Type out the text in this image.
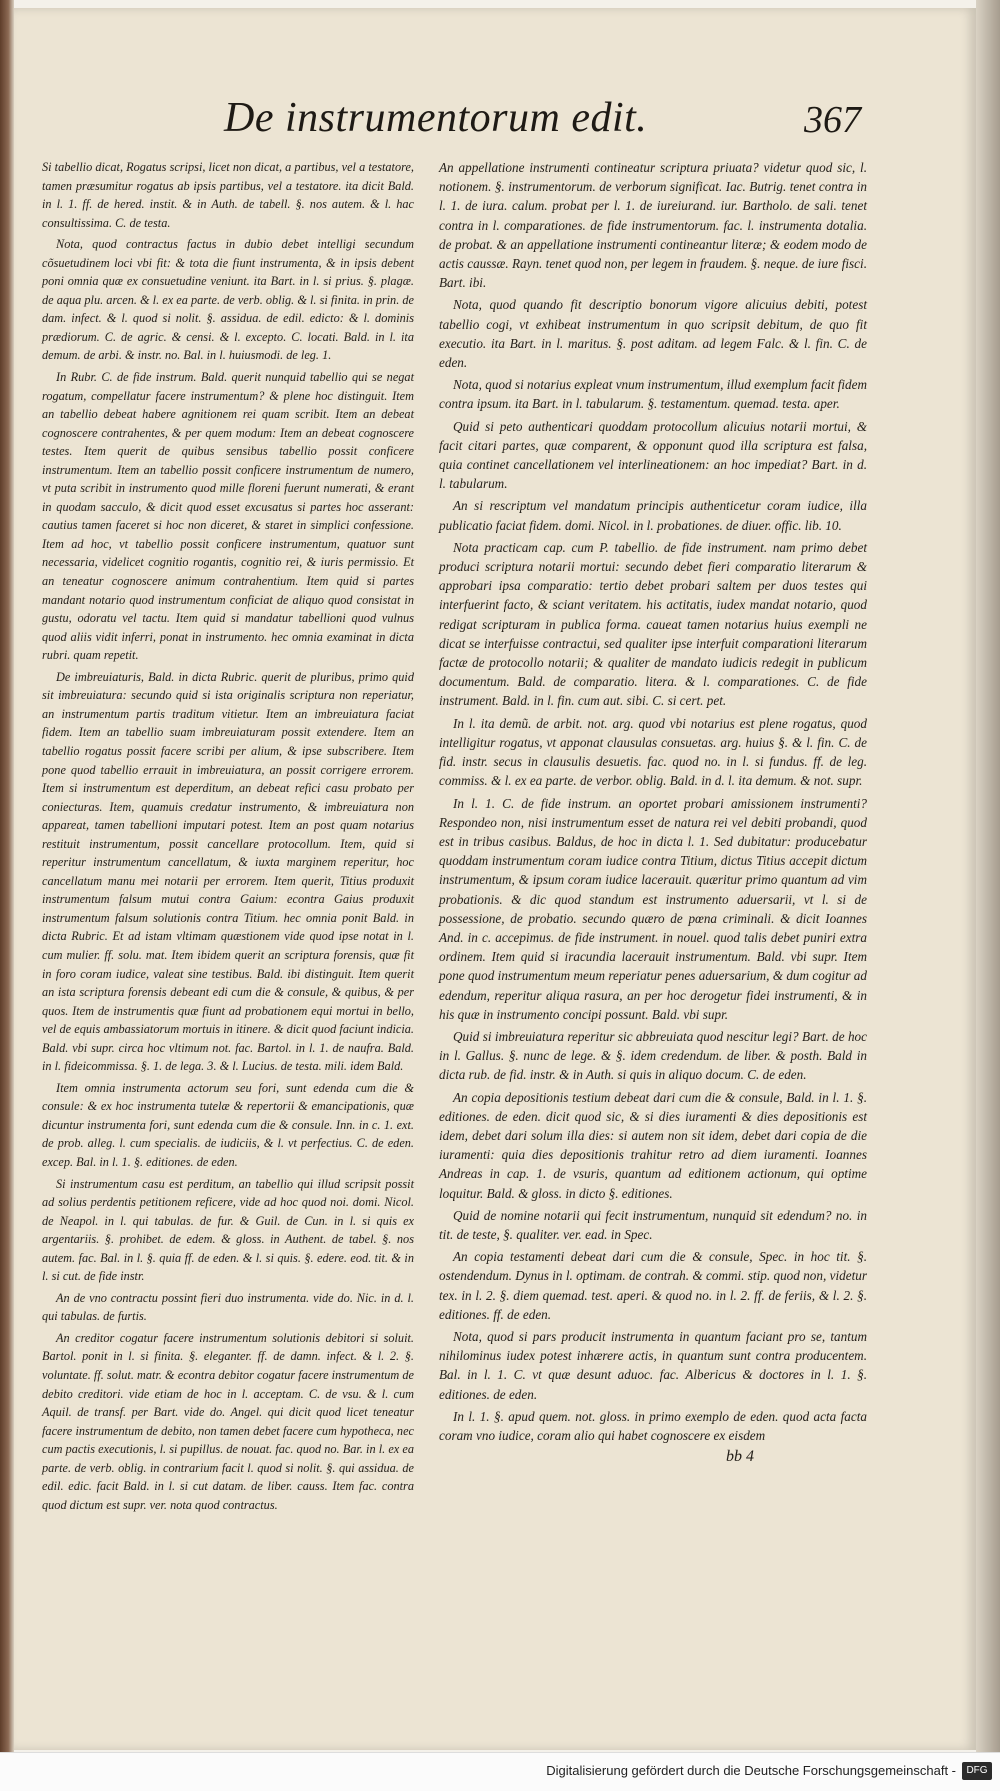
De instrumentorum edit.	367

Si tabellio dicat, Rogatus scripsi, licet non dicat, a partibus, vel a testatore, tamen præsumitur rogatus ab ipsis partibus, vel a testatore. ita dicit Bald. in l. 1. ff. de hered. instit. & in Auth. de tabell. §. nos autem. & l. hac consultissima. C. de testa.

Nota, quod contractus factus in dubio debet intelligi secundum cõsuetudinem loci vbi fit: & tota die fiunt instrumenta, & in ipsis debent poni omnia quæ ex consuetudine veniunt. ita Bart. in l. si prius. §. plagæ. de aqua plu. arcen. & l. ex ea parte. de verb. oblig. & l. si finita. in prin. de dam. infect. & l. quod si nolit. §. assidua. de edil. edicto: & l. dominis prædiorum. C. de agric. & censi. & l. excepto. C. locati. Bald. in l. ita demum. de arbi. & instr. no. Bal. in l. huiusmodi. de leg. 1.

In Rubr. C. de fide instrum. Bald. querit nunquid tabellio qui se negat rogatum, compellatur facere instrumentum? & plene hoc distinguit. Item an tabellio debeat habere agnitionem rei quam scribit. Item an debeat cognoscere contrahentes, & per quem modum: Item an debeat cognoscere testes. Item querit de quibus sensibus tabellio possit conficere instrumentum. Item an tabellio possit conficere instrumentum de numero, vt puta scribit in instrumento quod mille floreni fuerunt numerati, & erant in quodam sacculo, & dicit quod esset excusatus si partes hoc asserant: cautius tamen faceret si hoc non diceret, & staret in simplici confessione. Item ad hoc, vt tabellio possit conficere instrumentum, quatuor sunt necessaria, videlicet cognitio rogantis, cognitio rei, & iuris permissio. Et an teneatur cognoscere animum contrahentium. Item quid si partes mandant notario quod instrumentum conficiat de aliquo quod consistat in gustu, odoratu vel tactu. Item quid si mandatur tabellioni quod vulnus quod aliis vidit inferri, ponat in instrumento. hec omnia examinat in dicta rubri. quam repetit.

De imbreuiaturis, Bald. in dicta Rubric. querit de pluribus, primo quid sit imbreuiatura: secundo quid si ista originalis scriptura non reperiatur, an instrumentum partis traditum vitietur. Item an imbreuiatura faciat fidem. Item an tabellio suam imbreuiaturam possit extendere. Item an tabellio rogatus possit facere scribi per alium, & ipse subscribere. Item pone quod tabellio errauit in imbreuiatura, an possit corrigere errorem. Item si instrumentum est deperditum, an debeat refici casu probato per coniecturas. Item, quamuis credatur instrumento, & imbreuiatura non appareat, tamen tabellioni imputari potest. Item an post quam notarius restituit instrumentum, possit cancellare protocollum. Item, quid si reperitur instrumentum cancellatum, & iuxta marginem reperitur, hoc cancellatum manu mei notarii per errorem. Item querit, Titius produxit instrumentum falsum mutui contra Gaium: econtra Gaius produxit instrumentum falsum solutionis contra Titium. hec omnia ponit Bald. in dicta Rubric. Et ad istam vltimam quæstionem vide quod ipse notat in l. cum mulier. ff. solu. mat. Item ibidem querit an scriptura forensis, quæ fit in foro coram iudice, valeat sine testibus. Bald. ibi distinguit. Item querit an ista scriptura forensis debeant edi cum die & consule, & quibus, & per quos. Item de instrumentis quæ fiunt ad probationem equi mortui in bello, vel de equis ambassiatorum mortuis in itinere. & dicit quod faciunt indicia. Bald. vbi supr. circa hoc vltimum not. fac. Bartol. in l. 1. de naufra. Bald. in l. fideicommissa. §. 1. de lega. 3. & l. Lucius. de testa. mili. idem Bald.

Item omnia instrumenta actorum seu fori, sunt edenda cum die & consule: & ex hoc instrumenta tutelæ & repertorii & emancipationis, quæ dicuntur instrumenta fori, sunt edenda cum die & consule. Inn. in c. 1. ext. de prob. alleg. l. cum specialis. de iudiciis, & l. vt perfectius. C. de eden. excep. Bal. in l. 1. §. editiones. de eden.

Si instrumentum casu est perditum, an tabellio qui illud scripsit possit ad solius perdentis petitionem reficere, vide ad hoc quod noi. domi. Nicol. de Neapol. in l. qui tabulas. de fur. & Guil. de Cun. in l. si quis ex argentariis. §. prohibet. de edem. & gloss. in Authent. de tabel. §. nos autem. fac. Bal. in l. §. quia ff. de eden. & l. si quis. §. edere. eod. tit. & in l. si cut. de fide instr.

An de vno contractu possint fieri duo instrumenta. vide do. Nic. in d. l. qui tabulas. de furtis.

An creditor cogatur facere instrumentum solutionis debitori si soluit. Bartol. ponit in l. si finita. §. eleganter. ff. de damn. infect. & l. 2. §. voluntate. ff. solut. matr. & econtra debitor cogatur facere instrumentum de debito creditori. vide etiam de hoc in l. acceptam. C. de vsu. & l. cum Aquil. de transf. per Bart. vide do. Angel. qui dicit quod licet teneatur facere instrumentum de debito, non tamen debet facere cum hypotheca, nec cum pactis executionis, l. si pupillus. de nouat. fac. quod no. Bar. in l. ex ea parte. de verb. oblig. in contrarium facit l. quod si nolit. §. qui assidua. de edil. edic. facit Bald. in l. si cut datam. de liber. causs. Item fac. contra quod dictum est supr. ver. nota quod contractus.

An appellatione instrumenti contineatur scriptura priuata? videtur quod sic, l. notionem. §. instrumentorum. de verborum significat. Iac. Butrig. tenet contra in l. 1. de iura. calum. probat per l. 1. de iureiurand. iur. Bartholo. de sali. tenet contra in l. comparationes. de fide instrumentorum. fac. l. instrumenta dotalia. de probat. & an appellatione instrumenti contineantur literæ; & eodem modo de actis caussæ. Rayn. tenet quod non, per legem in fraudem. §. neque. de iure fisci. Bart. ibi.

Nota, quod quando fit descriptio bonorum vigore alicuius debiti, potest tabellio cogi, vt exhibeat instrumentum in quo scripsit debitum, de quo fit executio. ita Bart. in l. maritus. §. post aditam. ad legem Falc. & l. fin. C. de eden.

Nota, quod si notarius expleat vnum instrumentum, illud exemplum facit fidem contra ipsum. ita Bart. in l. tabularum. §. testamentum. quemad. testa. aper.

Quid si peto authenticari quoddam protocollum alicuius notarii mortui, & facit citari partes, quæ comparent, & opponunt quod illa scriptura est falsa, quia continet cancellationem vel interlineationem: an hoc impediat? Bart. in d. l. tabularum.

An si rescriptum vel mandatum principis authenticetur coram iudice, illa publicatio faciat fidem. domi. Nicol. in l. probationes. de diuer. offic. lib. 10.

Nota practicam cap. cum P. tabellio. de fide instrument. nam primo debet produci scriptura notarii mortui: secundo debet fieri comparatio literarum & approbari ipsa comparatio: tertio debet probari saltem per duos testes qui interfuerint facto, & sciant veritatem. his actitatis, iudex mandat notario, quod redigat scripturam in publica forma. caueat tamen notarius huius exempli ne dicat se interfuisse contractui, sed qualiter ipse interfuit comparationi literarum factæ de protocollo notarii; & qualiter de mandato iudicis redegit in publicum documentum. Bald. de comparatio. litera. & l. comparationes. C. de fide instrument. Bald. in l. fin. cum aut. sibi. C. si cert. pet.

In l. ita demũ. de arbit. not. arg. quod vbi notarius est plene rogatus, quod intelligitur rogatus, vt apponat clausulas consuetas. arg. huius §. & l. fin. C. de fid. instr. secus in clausulis desuetis. fac. quod no. in l. si fundus. ff. de leg. commiss. & l. ex ea parte. de verbor. oblig. Bald. in d. l. ita demum. & not. supr.

In l. 1. C. de fide instrum. an oportet probari amissionem instrumenti? Respondeo non, nisi instrumentum esset de natura rei vel debiti probandi, quod est in tribus casibus. Baldus, de hoc in dicta l. 1. Sed dubitatur: producebatur quoddam instrumentum coram iudice contra Titium, dictus Titius accepit dictum instrumentum, & ipsum coram iudice lacerauit. quæritur primo quantum ad vim probationis. & dic quod standum est instrumento aduersarii, vt l. si de possessione, de probatio. secundo quæro de pœna criminali. & dicit Ioannes And. in c. accepimus. de fide instrument. in nouel. quod talis debet puniri extra ordinem. Item quid si iracundia lacerauit instrumentum. Bald. vbi supr. Item pone quod instrumentum meum reperiatur penes aduersarium, & dum cogitur ad edendum, reperitur aliqua rasura, an per hoc derogetur fidei instrumenti, & in his quæ in instrumento concipi possunt. Bald. vbi supr.

Quid si imbreuiatura reperitur sic abbreuiata quod nescitur legi? Bart. de hoc in l. Gallus. §. nunc de lege. & §. idem credendum. de liber. & posth. Bald in dicta rub. de fid. instr. & in Auth. si quis in aliquo docum. C. de eden.

An copia depositionis testium debeat dari cum die & consule, Bald. in l. 1. §. editiones. de eden. dicit quod sic, & si dies iuramenti & dies depositionis est idem, debet dari solum illa dies: si autem non sit idem, debet dari copia de die iuramenti: quia dies depositionis trahitur retro ad diem iuramenti. Ioannes Andreas in cap. 1. de vsuris, quantum ad editionem actionum, qui optime loquitur. Bald. & gloss. in dicto §. editiones.

Quid de nomine notarii qui fecit instrumentum, nunquid sit edendum? no. in tit. de teste, §. qualiter. ver. ead. in Spec.

An copia testamenti debeat dari cum die & consule, Spec. in hoc tit. §. ostendendum. Dynus in l. optimam. de contrah. & commi. stip. quod non, videtur tex. in l. 2. §. diem quemad. test. aperi. & quod no. in l. 2. ff. de feriis, & l. 2. §. editiones. ff. de eden.

Nota, quod si pars producit instrumenta in quantum faciant pro se, tantum nihilominus iudex potest inhærere actis, in quantum sunt contra producentem. Bal. in l. 1. C. vt quæ desunt aduoc. fac. Albericus & doctores in l. 1. §. editiones. de eden.

In l. 1. §. apud quem. not. gloss. in primo exemplo de eden. quod acta facta coram vno iudice, coram alio qui habet cognoscere ex eisdem

bb 4
Digitalisierung gefördert durch die Deutsche Forschungsgemeinschaft -	DFG
